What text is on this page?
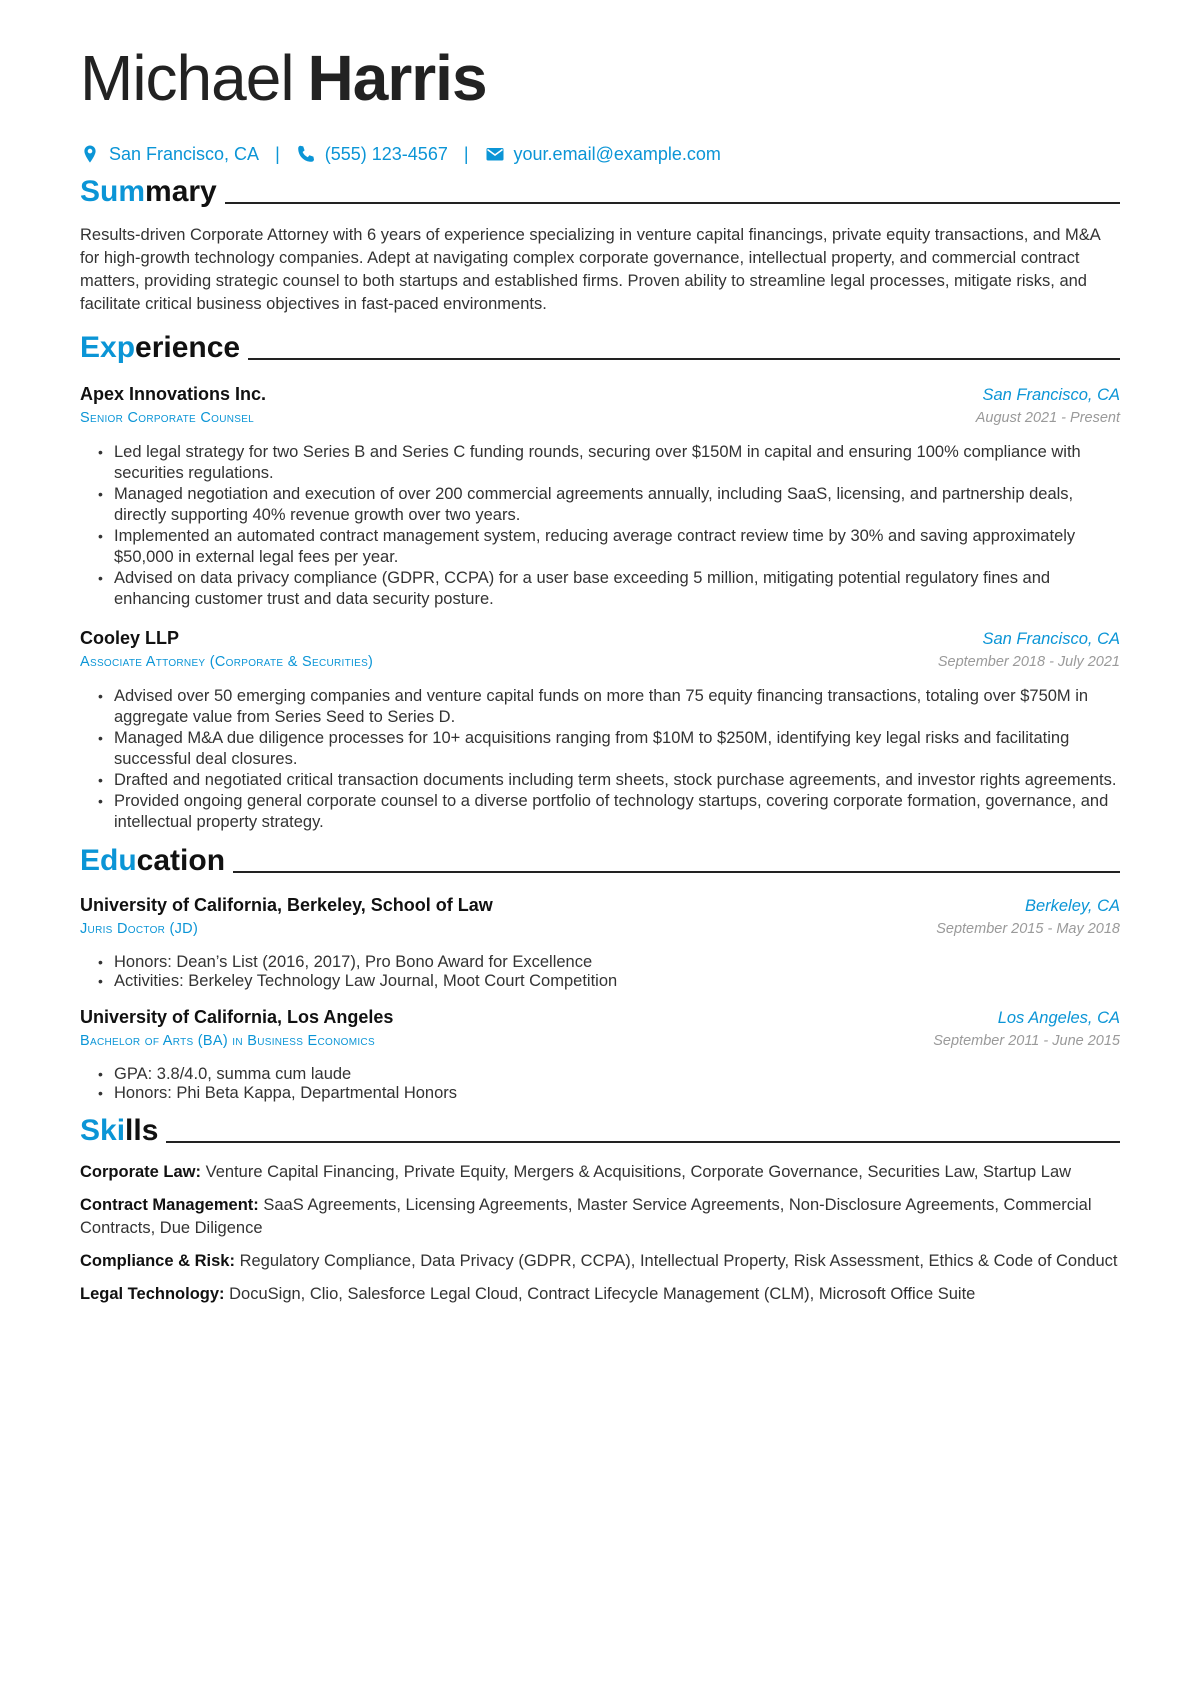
Michael Harris
San Francisco, CA |	(555) 123-4567 |	your.email@example.com
Summary
Results-driven Corporate Attorney with 6 years of experience specializing in venture capital financings, private equity transactions, and M&A for high-growth technology companies. Adept at navigating complex corporate governance, intellectual property, and commercial contract matters, providing strategic counsel to both startups and established firms. Proven ability to streamline legal processes, mitigate risks, and facilitate critical business objectives in fast-paced environments.
Experience
Apex Innovations Inc.	San Francisco, CA
Senior Corporate Counsel	August 2021 - Present
• Led legal strategy for two Series B and Series C funding rounds, securing over $150M in capital and ensuring 100% compliance with securities regulations.
• Managed negotiation and execution of over 200 commercial agreements annually, including SaaS, licensing, and partnership deals, directly supporting 40% revenue growth over two years.
• Implemented an automated contract management system, reducing average contract review time by 30% and saving approximately $50,000 in external legal fees per year.
• Advised on data privacy compliance (GDPR, CCPA) for a user base exceeding 5 million, mitigating potential regulatory fines and enhancing customer trust and data security posture.
Cooley LLP	San Francisco, CA
Associate Attorney (Corporate & Securities)	September 2018 - July 2021
• Advised over 50 emerging companies and venture capital funds on more than 75 equity financing transactions, totaling over $750M in aggregate value from Series Seed to Series D.
• Managed M&A due diligence processes for 10+ acquisitions ranging from $10M to $250M, identifying key legal risks and facilitating successful deal closures.
• Drafted and negotiated critical transaction documents including term sheets, stock purchase agreements, and investor rights agreements.
• Provided ongoing general corporate counsel to a diverse portfolio of technology startups, covering corporate formation, governance, and intellectual property strategy.
Education
University of California, Berkeley, School of Law	Berkeley, CA
Juris Doctor (JD)	September 2015 - May 2018
• Honors: Dean’s List (2016, 2017), Pro Bono Award for Excellence
• Activities: Berkeley Technology Law Journal, Moot Court Competition
University of California, Los Angeles	Los Angeles, CA
Bachelor of Arts (BA) in Business Economics	September 2011 - June 2015
• GPA: 3.8/4.0, summa cum laude
• Honors: Phi Beta Kappa, Departmental Honors
Skills
Corporate Law: Venture Capital Financing, Private Equity, Mergers & Acquisitions, Corporate Governance, Securities Law, Startup Law
Contract Management: SaaS Agreements, Licensing Agreements, Master Service Agreements, Non-Disclosure Agreements, Commercial Contracts, Due Diligence
Compliance & Risk: Regulatory Compliance, Data Privacy (GDPR, CCPA), Intellectual Property, Risk Assessment, Ethics & Code of Conduct
Legal Technology: DocuSign, Clio, Salesforce Legal Cloud, Contract Lifecycle Management (CLM), Microsoft Office Suite
